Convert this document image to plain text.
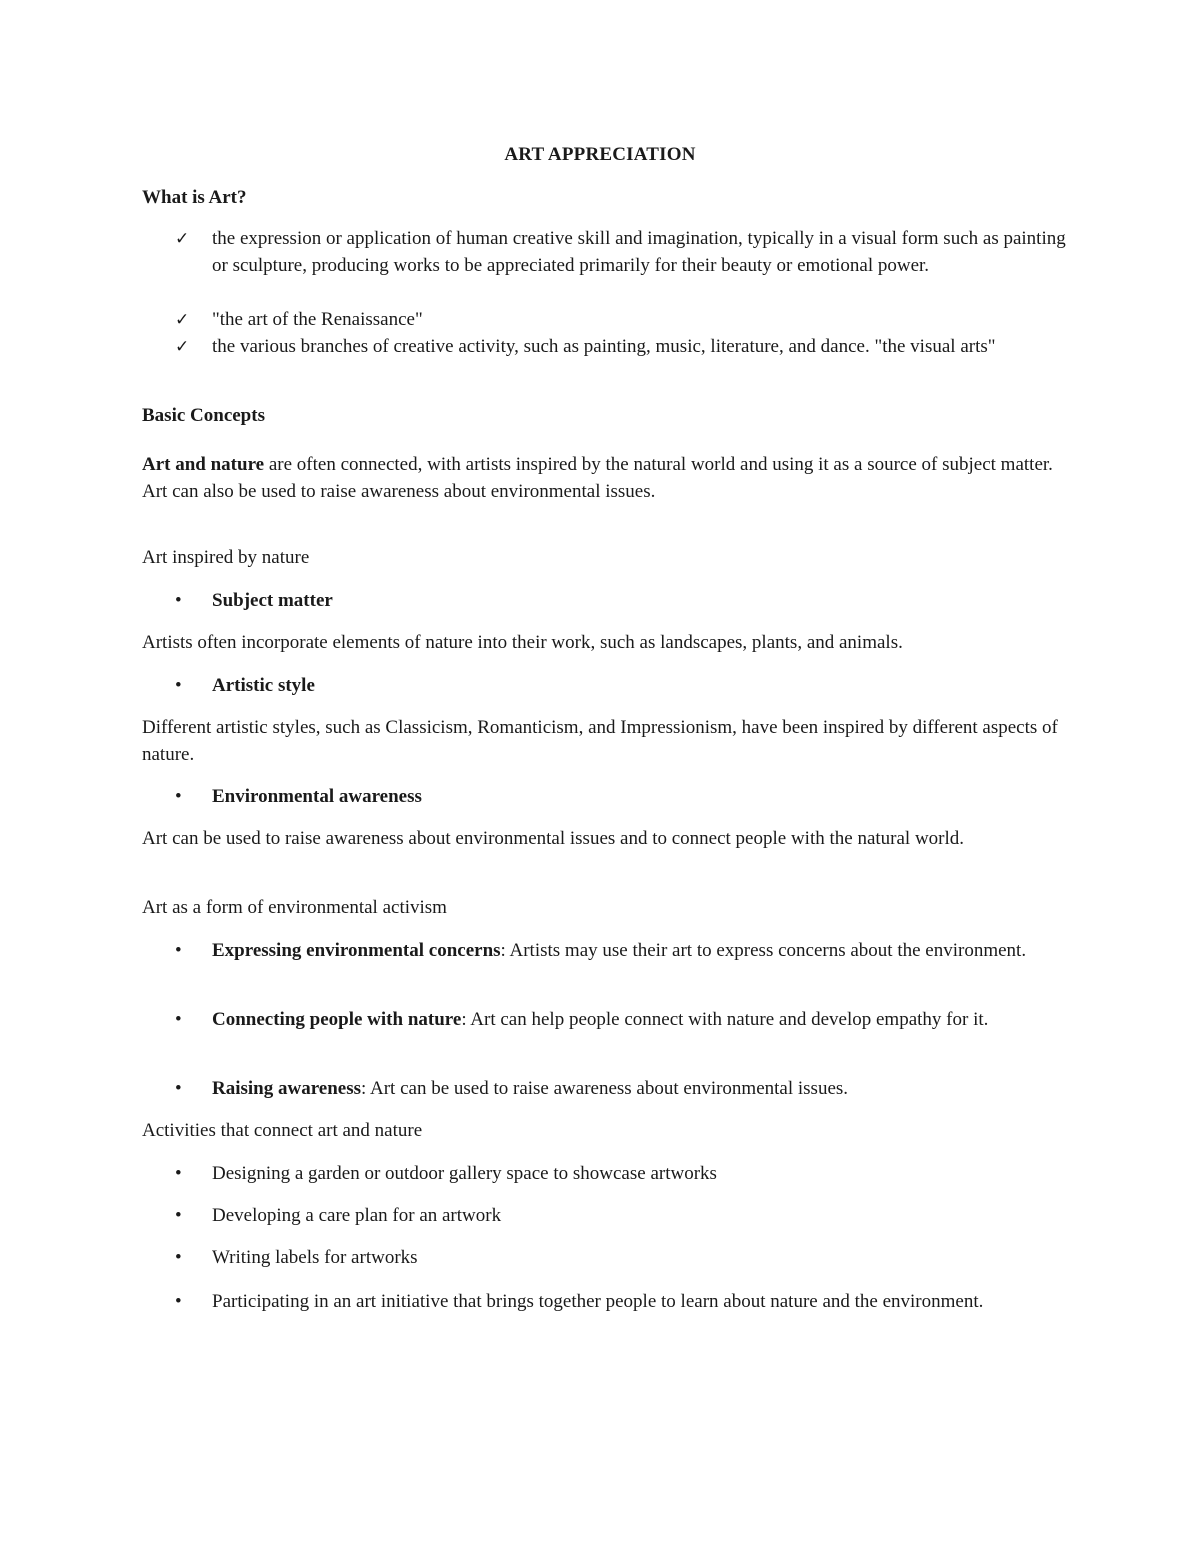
ART APPRECIATION
What is Art?
✓	the expression or application of human creative skill and imagination, typically in a visual form such as painting or sculpture, producing works to be appreciated primarily for their beauty or emotional power.
✓	"the art of the Renaissance"
✓	the various branches of creative activity, such as painting, music, literature, and dance. "the visual arts"
Basic Concepts
Art and nature are often connected, with artists inspired by the natural world and using it as a source of subject matter. Art can also be used to raise awareness about environmental issues.
Art inspired by nature
•	Subject matter
Artists often incorporate elements of nature into their work, such as landscapes, plants, and animals.
•	Artistic style
Different artistic styles, such as Classicism, Romanticism, and Impressionism, have been inspired by different aspects of nature.
•	Environmental awareness
Art can be used to raise awareness about environmental issues and to connect people with the natural world.
Art as a form of environmental activism
•	Expressing environmental concerns: Artists may use their art to express concerns about the environment.
•	Connecting people with nature: Art can help people connect with nature and develop empathy for it.
•	Raising awareness: Art can be used to raise awareness about environmental issues.
Activities that connect art and nature
•	Designing a garden or outdoor gallery space to showcase artworks
•	Developing a care plan for an artwork
•	Writing labels for artworks
•	Participating in an art initiative that brings together people to learn about nature and the environment.
